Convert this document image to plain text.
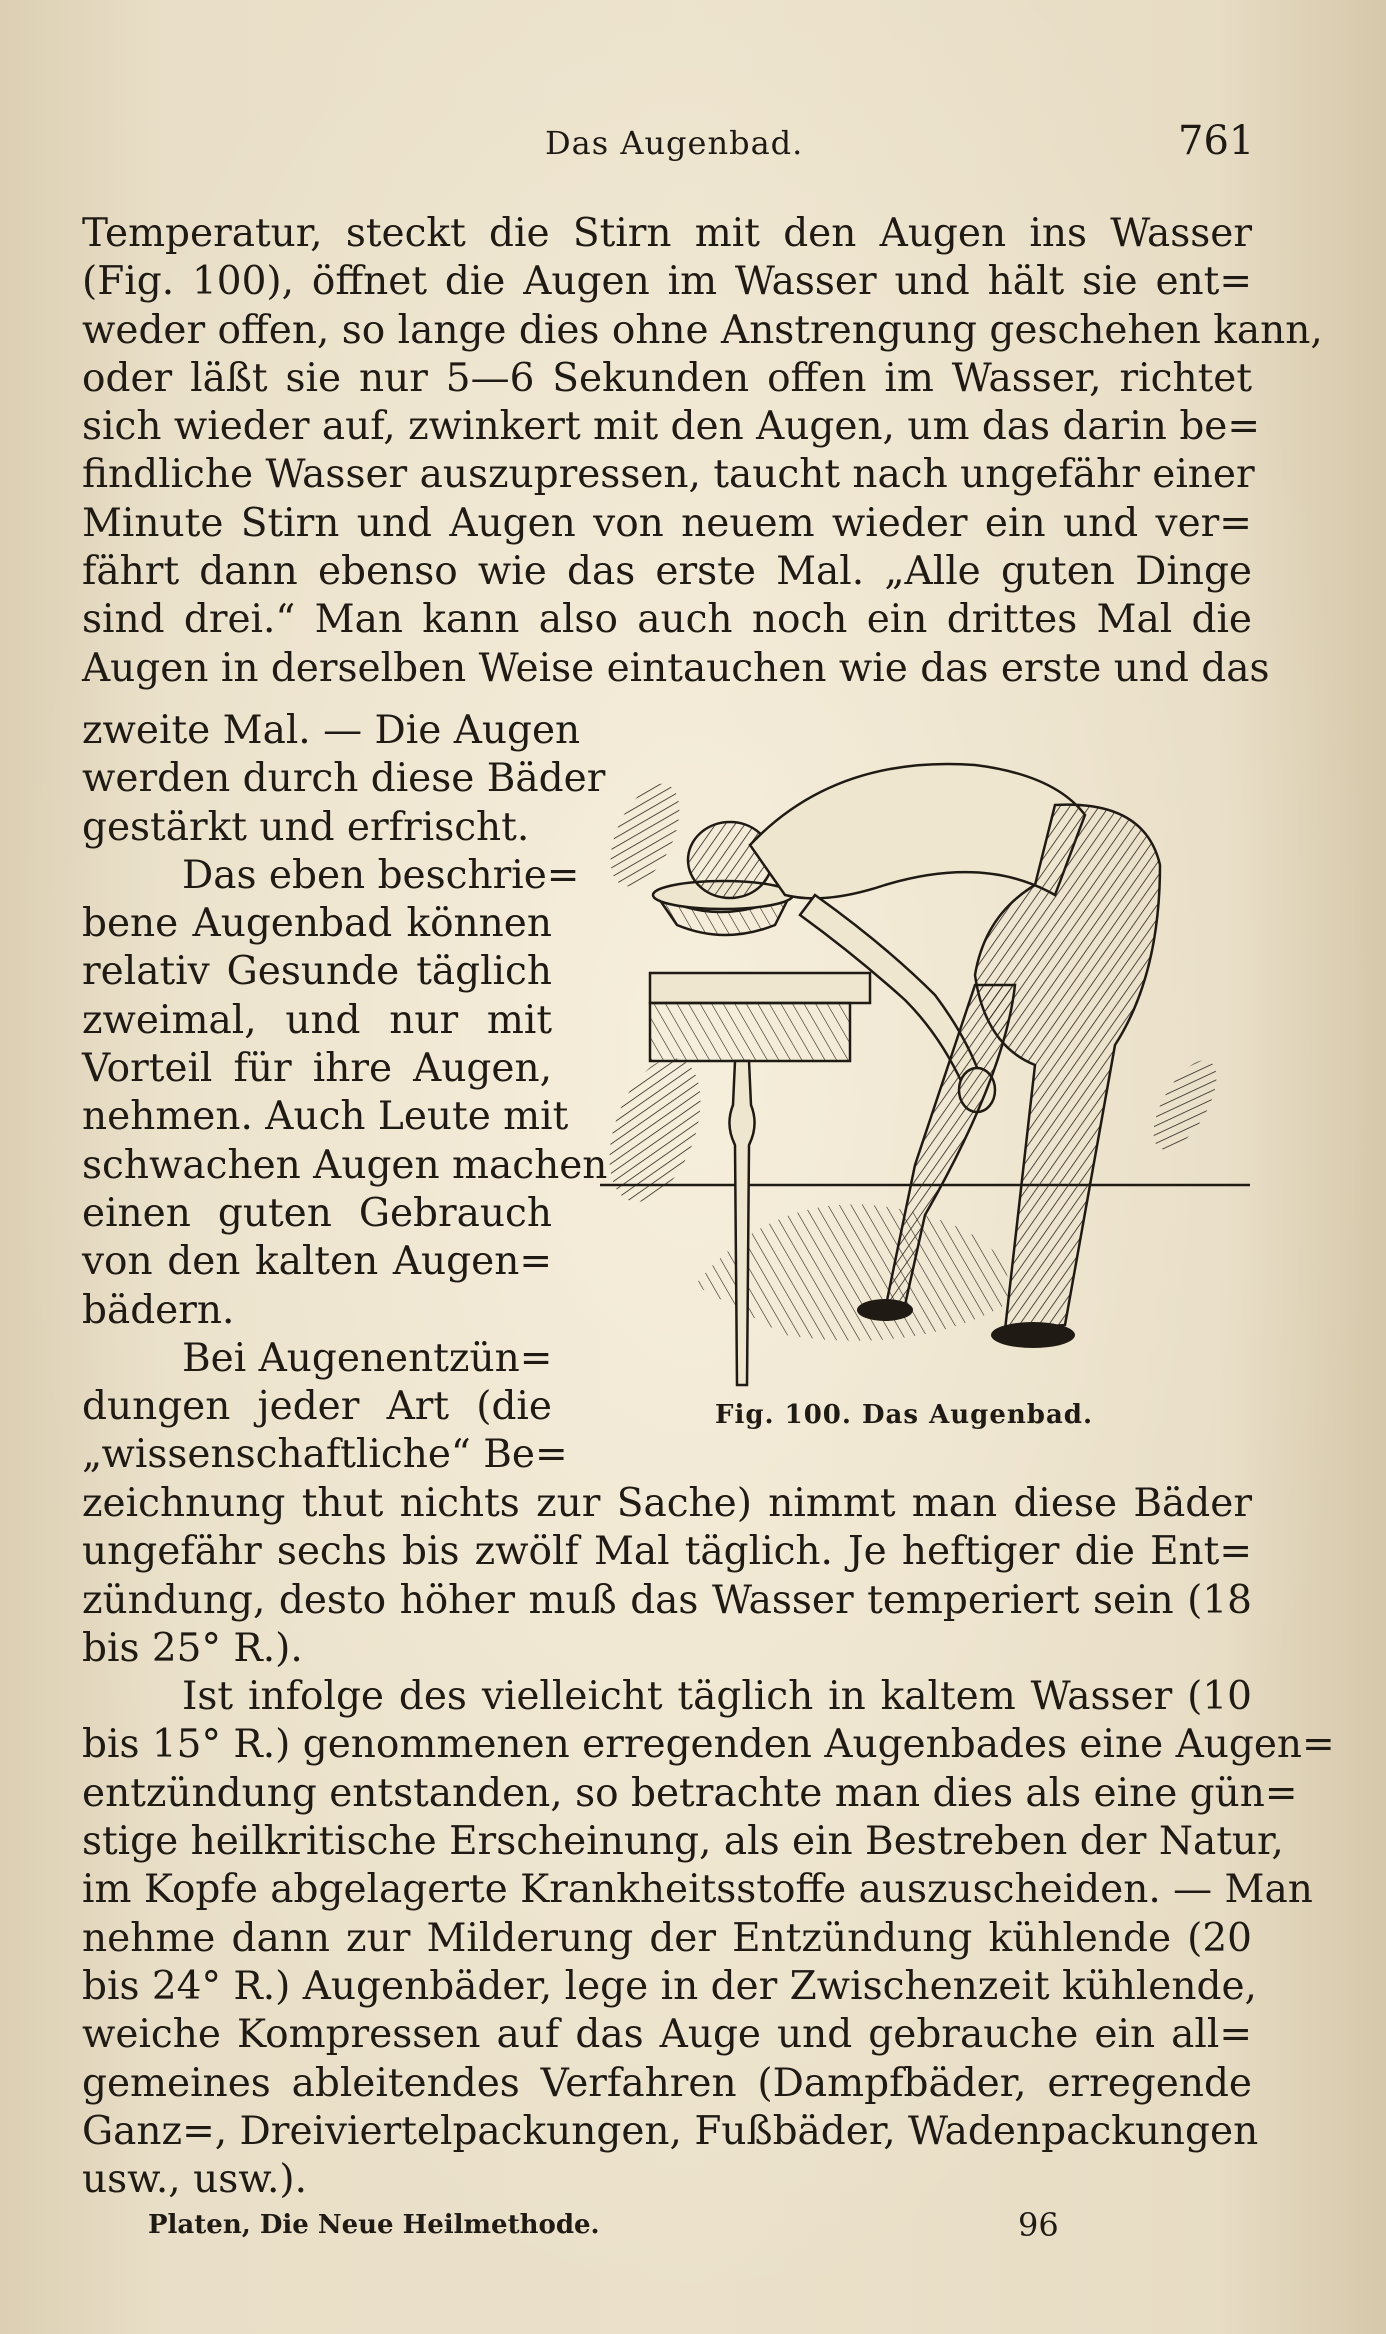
Das Augenbad.	761
Temperatur, steckt die Stirn mit den Augen ins Wasser
(Fig. 100), öffnet die Augen im Wasser und hält sie ent=
weder offen, so lange dies ohne Anstrengung geschehen kann,
oder läßt sie nur 5—6 Sekunden offen im Wasser, richtet
sich wieder auf, zwinkert mit den Augen, um das darin be=
findliche Wasser auszupressen, taucht nach ungefähr einer
Minute Stirn und Augen von neuem wieder ein und ver=
fährt dann ebenso wie das erste Mal. „Alle guten Dinge
sind drei.“ Man kann also auch noch ein drittes Mal die
Augen in derselben Weise eintauchen wie das erste und das
zweite Mal. — Die Augen
werden durch diese Bäder
gestärkt und erfrischt.
Das eben beschrie=
bene Augenbad können
relativ Gesunde täglich
zweimal, und nur mit
Vorteil für ihre Augen,
nehmen. Auch Leute mit
schwachen Augen machen
einen guten Gebrauch
von den kalten Augen=
bädern.
Bei Augenentzün=
dungen jeder Art (die
„wissenschaftliche“ Be=
zeichnung thut nichts zur Sache) nimmt man diese Bäder
ungefähr sechs bis zwölf Mal täglich. Je heftiger die Ent=
zündung, desto höher muß das Wasser temperiert sein (18
bis 25° R.).
Ist infolge des vielleicht täglich in kaltem Wasser (10
bis 15° R.) genommenen erregenden Augenbades eine Augen=
entzündung entstanden, so betrachte man dies als eine gün=
stige heilkritische Erscheinung, als ein Bestreben der Natur,
im Kopfe abgelagerte Krankheitsstoffe auszuscheiden. — Man
nehme dann zur Milderung der Entzündung kühlende (20
bis 24° R.) Augenbäder, lege in der Zwischenzeit kühlende,
weiche Kompressen auf das Auge und gebrauche ein all=
gemeines ableitendes Verfahren (Dampfbäder, erregende
Ganz=, Dreiviertelpackungen, Fußbäder, Wadenpackungen
usw., usw.).
Fig. 100. Das Augenbad.
Platen, Die Neue Heilmethode.	96
